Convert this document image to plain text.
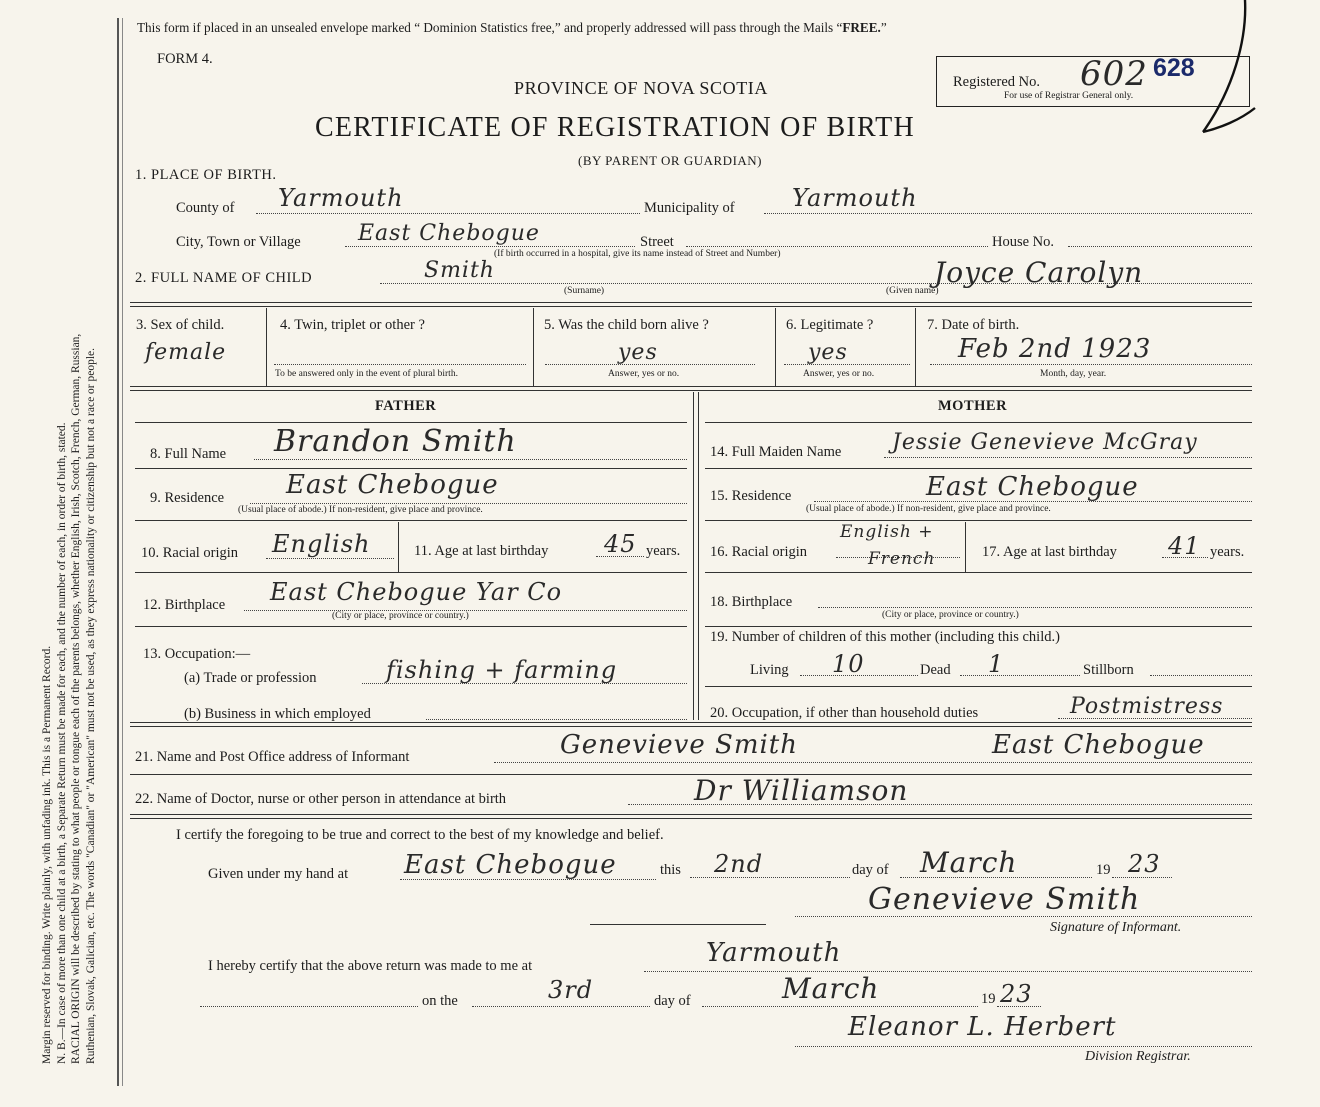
Margin reserved for binding. Write plainly, with unfading ink. This is a Permanent Record. N. B.—In case of more than one child at a birth, a Separate Return must be made for each, and the number of each, in order of birth, stated. RACIAL ORIGIN will be described by stating to what people or tongue each of the parents belongs, whether English, Irish, Scotch, French, German, Russian, Ruthenian, Slovak, Galician, etc. The words "Canadian" or "American" must not be used, as they express nationality or citizenship but not a race or people.
This form if placed in an unsealed envelope marked “ Dominion Statistics free,” and properly addressed will pass through the Mails “FREE.”
FORM 4.
PROVINCE OF NOVA SCOTIA
CERTIFICATE OF REGISTRATION OF BIRTH
(BY PARENT OR GUARDIAN)
Registered No. 602 628
For use of Registrar General only.
1. PLACE OF BIRTH.
County of Yarmouth	Municipality of Yarmouth
City, Town or Village	East Chebogue	Street	House No.
(If birth occurred in a hospital, give its name instead of Street and Number)
2. FULL NAME OF CHILD	Smith
(Surname)
Joyce Carolyn
(Given name)
3. Sex of child.
female
4. Twin, triplet or other ?
To be answered only in the event of plural birth.
5. Was the child born alive ?
yes
Answer, yes or no.
6. Legitimate ?
yes
Answer, yes or no.
7. Date of birth.
Feb 2nd 1923
Month, day, year.
FATHER	MOTHER
8. Full Name Brandon Smith
9. Residence East Chebogue
(Usual place of abode.) If non-resident, give place and province.
10. Racial origin English	11. Age at last birthday 45 years.
12. Birthplace East Chebogue Yar Co
(City or place, province or country.)
13. Occupation:—
(a) Trade or profession	fishing + farming
(b) Business in which employed
14. Full Maiden Name Jessie Genevieve McGray
15. Residence	East Chebogue
(Usual place of abode.) If non-resident, give place and province.
16. Racial origin
English +
French	17. Age at last birthday 41 years.
18. Birthplace
(City or place, province or country.)
19. Number of children of this mother (including this child.)
Living 10	Dead 1	Stillborn
20. Occupation, if other than household duties	Postmistress
21. Name and Post Office address of Informant	Genevieve Smith	East Chebogue
22. Name of Doctor, nurse or other person in attendance at birth	Dr Williamson
I certify the foregoing to be true and correct to the best of my knowledge and belief.
Given under my hand at East Chebogue	this 2nd	day of March	19 23
Genevieve Smith
Signature of Informant.
I hereby certify that the above return was made to me at	Yarmouth
on the	3rd	day of	March	19 23
Eleanor L. Herbert
Division Registrar.
